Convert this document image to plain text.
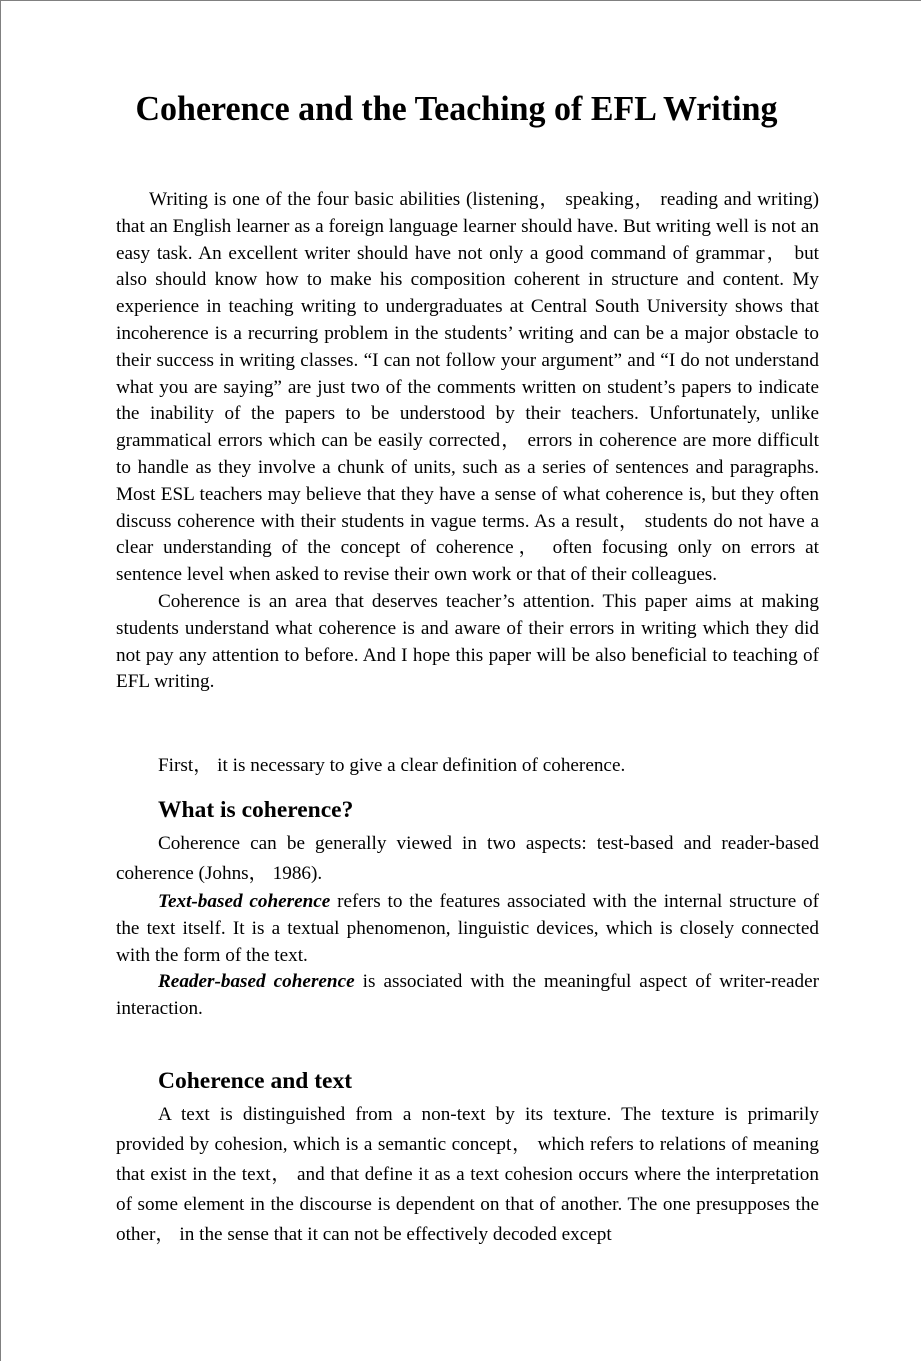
Coherence and the Teaching of EFL Writing

Writing is one of the four basic abilities (listening， speaking， reading and writing) that an English learner as a foreign language learner should have. But writing well is not an easy task. An excellent writer should have not only a good command of grammar， but also should know how to make his composition coherent in structure and content. My experience in teaching writing to undergraduates at Central South University shows that incoherence is a recurring problem in the students’ writing and can be a major obstacle to their success in writing classes. “I can not follow your argument” and “I do not understand what you are saying” are just two of the comments written on student’s papers to indicate the inability of the papers to be understood by their teachers. Unfortunately, unlike grammatical errors which can be easily corrected， errors in coherence are more difficult to handle as they involve a chunk of units, such as a series of sentences and paragraphs. Most ESL teachers may believe that they have a sense of what coherence is, but they often discuss coherence with their students in vague terms. As a result， students do not have a clear understanding of the concept of coherence， often focusing only on errors at sentence level when asked to revise their own work or that of their colleagues.

Coherence is an area that deserves teacher’s attention. This paper aims at making students understand what coherence is and aware of their errors in writing which they did not pay any attention to before. And I hope this paper will be also beneficial to teaching of EFL writing.

First， it is necessary to give a clear definition of coherence.

What is coherence?

Coherence can be generally viewed in two aspects: test-based and reader-based coherence (Johns， 1986).

Text-based coherence refers to the features associated with the internal structure of the text itself. It is a textual phenomenon, linguistic devices, which is closely connected with the form of the text.

Reader-based coherence is associated with the meaningful aspect of writer-reader interaction.

Coherence and text

A text is distinguished from a non-text by its texture. The texture is primarily provided by cohesion, which is a semantic concept， which refers to relations of meaning that exist in the text， and that define it as a text cohesion occurs where the interpretation of some element in the discourse is dependent on that of another. The one presupposes the other， in the sense that it can not be effectively decoded except
